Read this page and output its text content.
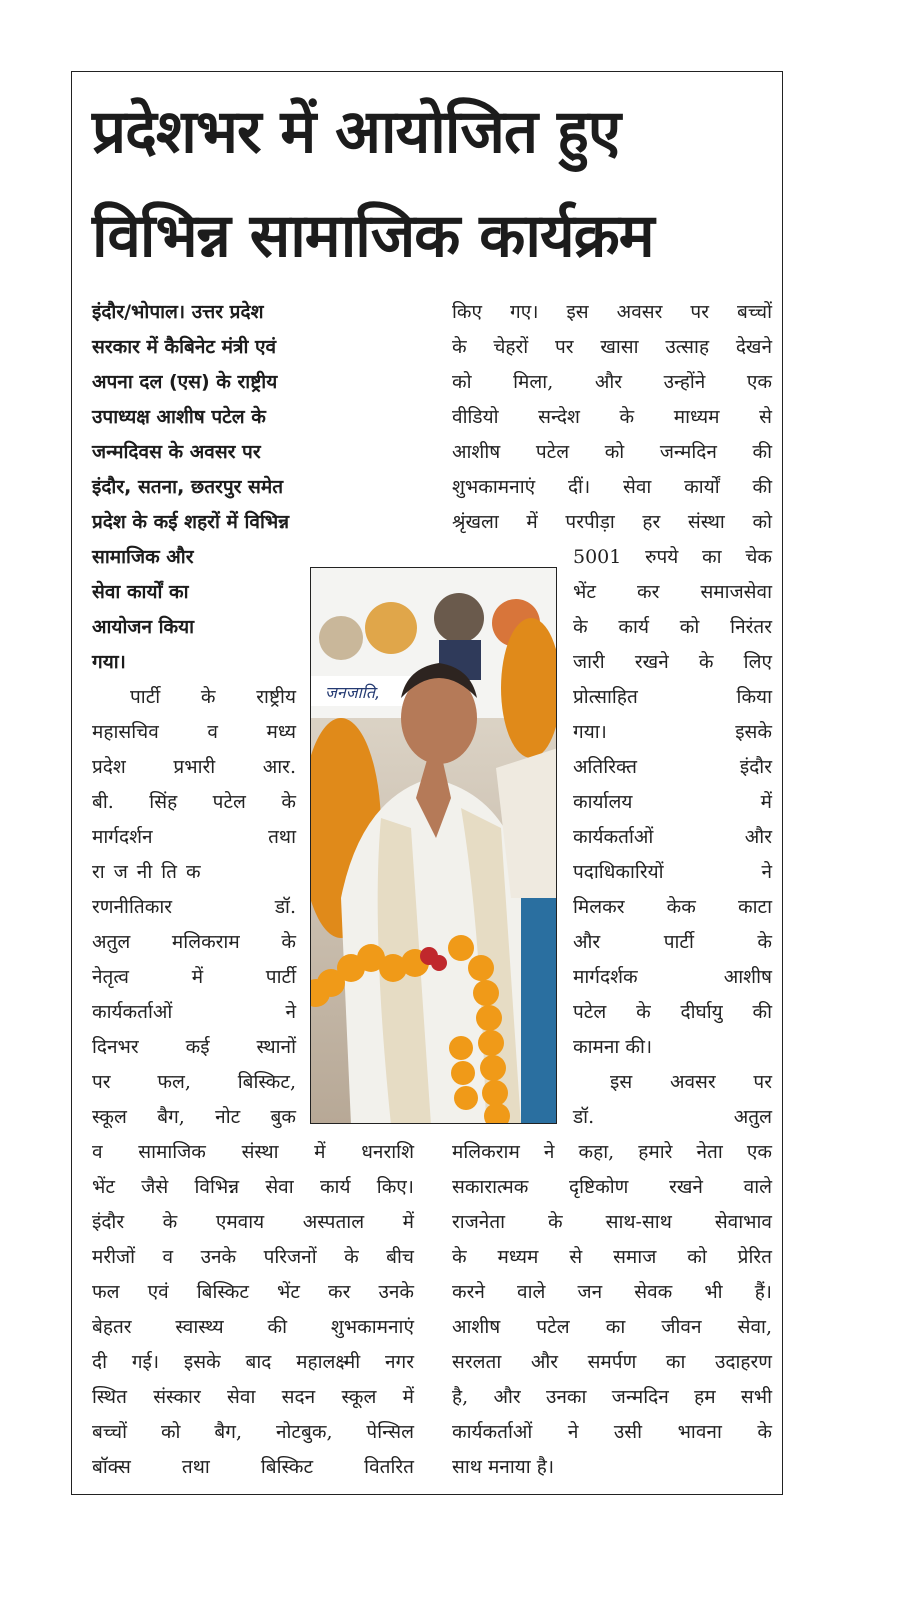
प्रदेशभर में आयोजित हुए
विभिन्न सामाजिक कार्यक्रम
इंदौर/भोपाल। उत्तर प्रदेश
सरकार में कैबिनेट मंत्री एवं
अपना दल (एस) के राष्ट्रीय
उपाध्यक्ष आशीष पटेल के
जन्मदिवस के अवसर पर
इंदौर, सतना, छतरपुर समेत
प्रदेश के कई शहरों में विभिन्न
सामाजिक और
सेवा कार्यों का
आयोजन किया
गया।
पार्टी के राष्ट्रीय
महासचिव व मध्य
प्रदेश प्रभारी आर.
बी. सिंह पटेल के
मार्गदर्शन तथा
राजनीतिक
रणनीतिकार डॉ.
अतुल मलिकराम के
नेतृत्व में पार्टी
कार्यकर्ताओं ने
दिनभर कई स्थानों
पर फल, बिस्किट,
स्कूल बैग, नोट बुक
व सामाजिक संस्था में धनराशि
भेंट जैसे विभिन्न सेवा कार्य किए।
इंदौर के एमवाय अस्पताल में
मरीजों व उनके परिजनों के बीच
फल एवं बिस्किट भेंट कर उनके
बेहतर स्वास्थ्य की शुभकामनाएं
दी गई। इसके बाद महालक्ष्मी नगर
स्थित संस्कार सेवा सदन स्कूल में
बच्चों को बैग, नोटबुक, पेन्सिल
बॉक्स तथा बिस्किट वितरित
किए गए। इस अवसर पर बच्चों
के चेहरों पर खासा उत्साह देखने
को मिला, और उन्होंने एक
वीडियो सन्देश के माध्यम से
आशीष पटेल को जन्मदिन की
शुभकामनाएं दीं। सेवा कार्यों की
श्रृंखला में परपीड़ा हर संस्था को
5001 रुपये का चेक
भेंट कर समाजसेवा
के कार्य को निरंतर
जारी रखने के लिए
प्रोत्साहित किया
गया। इसके
अतिरिक्त इंदौर
कार्यालय में
कार्यकर्ताओं और
पदाधिकारियों ने
मिलकर केक काटा
और पार्टी के
मार्गदर्शक आशीष
पटेल के दीर्घायु की
कामना की।
इस अवसर पर
डॉ. अतुल
मलिकराम ने कहा, हमारे नेता एक
सकारात्मक दृष्टिकोण रखने वाले
राजनेता के साथ-साथ सेवाभाव
के मध्यम से समाज को प्रेरित
करने वाले जन सेवक भी हैं।
आशीष पटेल का जीवन सेवा,
सरलता और समर्पण का उदाहरण
है, और उनका जन्मदिन हम सभी
कार्यकर्ताओं ने उसी भावना के
साथ मनाया है।
जनजाति,
